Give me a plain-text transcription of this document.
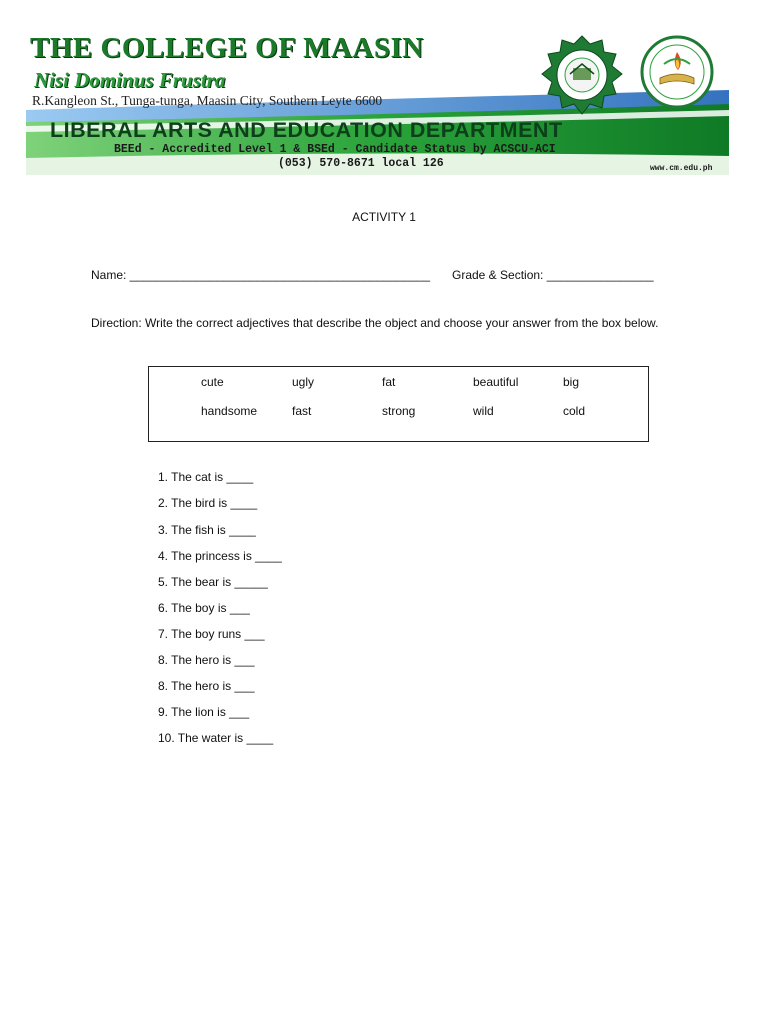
THE COLLEGE OF MAASIN
Nisi Dominus Frustra
R.Kangleon St., Tunga-tunga, Maasin City, Southern Leyte 6600
LIBERAL ARTS AND EDUCATION DEPARTMENT
BEEd - Accredited Level 1 & BSEd - Candidate Status by ACSCU-ACI
(053) 570-8671 local 126	www.cm.edu.ph
ACTIVITY 1
Name: _____________________________________________ Grade & Section: ________________
Direction: Write the correct adjectives that describe the object and choose your answer from the box below.
cute	ugly	fat	beautiful	big
handsome	fast	strong	wild	cold
1. The cat is ____
2. The bird is ____
3. The fish is ____
4. The princess is ____
5. The bear is _____
6. The boy is ___
7. The boy runs ___
8. The hero is ___
8. The hero is ___
9. The lion is ___
10. The water is ____
